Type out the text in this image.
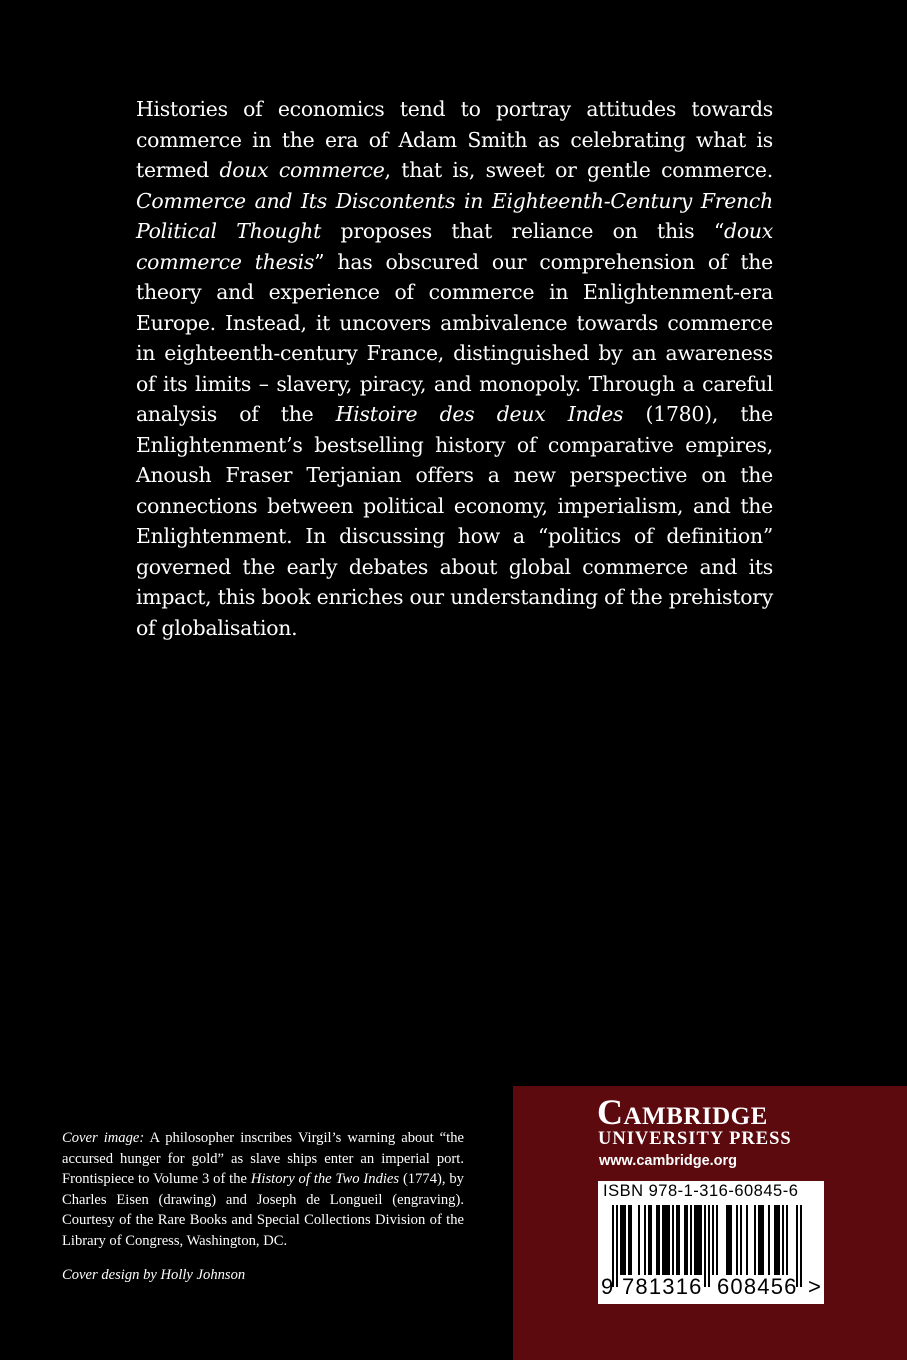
Histories of economics tend to portray attitudes towards commerce in the era of Adam Smith as celebrating what is termed doux commerce, that is, sweet or gentle commerce. Commerce and Its Discontents in Eighteenth-Century French Political Thought proposes that reliance on this “doux commerce thesis” has obscured our comprehension of the theory and experience of commerce in Enlightenment-era Europe. Instead, it uncovers ambivalence towards commerce in eighteenth-century France, distinguished by an awareness of its limits – slavery, piracy, and monopoly. Through a careful analysis of the Histoire des deux Indes (1780), the Enlightenment’s bestselling history of comparative empires, Anoush Fraser Terjanian offers a new perspective on the connections between political economy, imperialism, and the Enlightenment. In discussing how a “politics of definition” governed the early debates about global commerce and its impact, this book enriches our understanding of the prehistory of globalisation.

Cover image: A philosopher inscribes Virgil’s warning about “the accursed hunger for gold” as slave ships enter an imperial port. Frontispiece to Volume 3 of the History of the Two Indies (1774), by Charles Eisen (drawing) and Joseph de Longueil (engraving). Courtesy of the Rare Books and Special Collections Division of the Library of Congress, Washington, DC.

Cover design by Holly Johnson

Cambridge
UNIVERSITY PRESS
www.cambridge.org
ISBN 978-1-316-60845-6
9 781316 608456 >
